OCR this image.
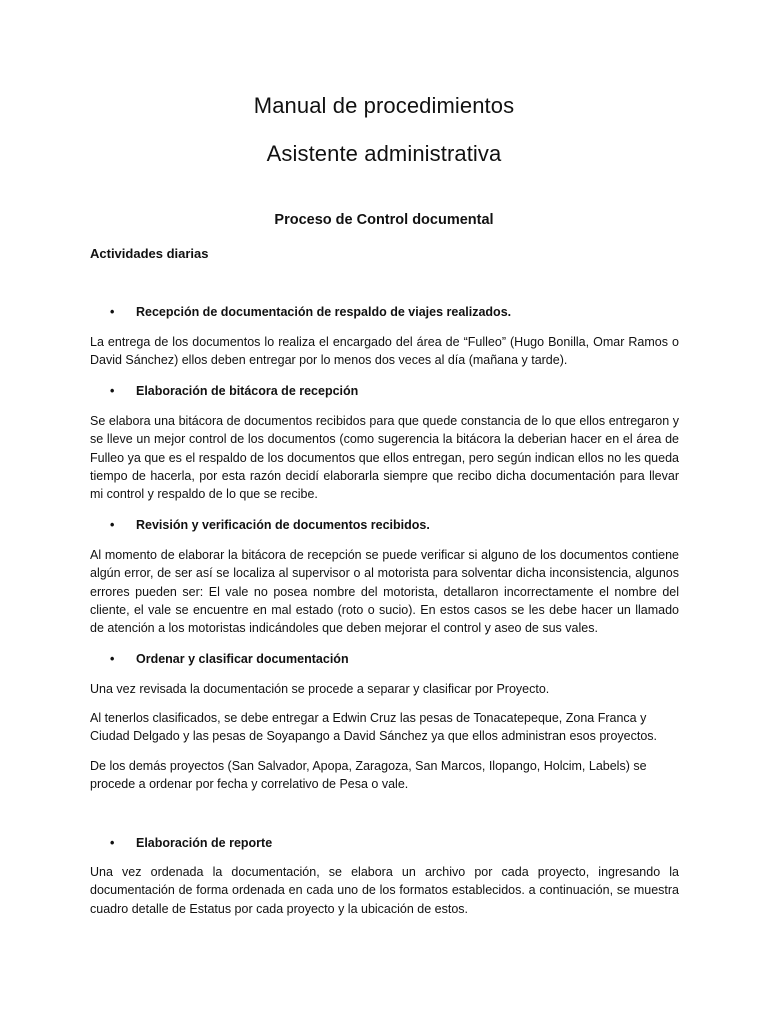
Manual de procedimientos
Asistente administrativa
Proceso de Control documental
Actividades diarias
• Recepción de documentación de respaldo de viajes realizados.

La entrega de los documentos lo realiza el encargado del área de “Fulleo” (Hugo Bonilla, Omar Ramos o David Sánchez) ellos deben entregar por lo menos dos veces al día (mañana y tarde).

• Elaboración de bitácora de recepción

Se elabora una bitácora de documentos recibidos para que quede constancia de lo que ellos entregaron y se lleve un mejor control de los documentos (como sugerencia la bitácora la deberian hacer en el área de Fulleo ya que es el respaldo de los documentos que ellos entregan, pero según indican ellos no les queda tiempo de hacerla, por esta razón decidí elaborarla siempre que recibo dicha documentación para llevar mi control y respaldo de lo que se recibe.

• Revisión y verificación de documentos recibidos.

Al momento de elaborar la bitácora de recepción se puede verificar si alguno de los documentos contiene algún error, de ser así se localiza al supervisor o al motorista para solventar dicha inconsistencia, algunos errores pueden ser: El vale no posea nombre del motorista, detallaron incorrectamente el nombre del cliente, el vale se encuentre en mal estado (roto o sucio). En estos casos se les debe hacer un llamado de atención a los motoristas indicándoles que deben mejorar el control y aseo de sus vales.

• Ordenar y clasificar documentación

Una vez revisada la documentación se procede a separar y clasificar por Proyecto.

Al tenerlos clasificados, se debe entregar a Edwin Cruz las pesas de Tonacatepeque, Zona Franca y Ciudad Delgado y las pesas de Soyapango a David Sánchez ya que ellos administran esos proyectos.

De los demás proyectos (San Salvador, Apopa, Zaragoza, San Marcos, Ilopango, Holcim, Labels) se procede a ordenar por fecha y correlativo de Pesa o vale.

• Elaboración de reporte

Una vez ordenada la documentación, se elabora un archivo por cada proyecto, ingresando la documentación de forma ordenada en cada uno de los formatos establecidos. a continuación, se muestra cuadro detalle de Estatus por cada proyecto y la ubicación de estos.
